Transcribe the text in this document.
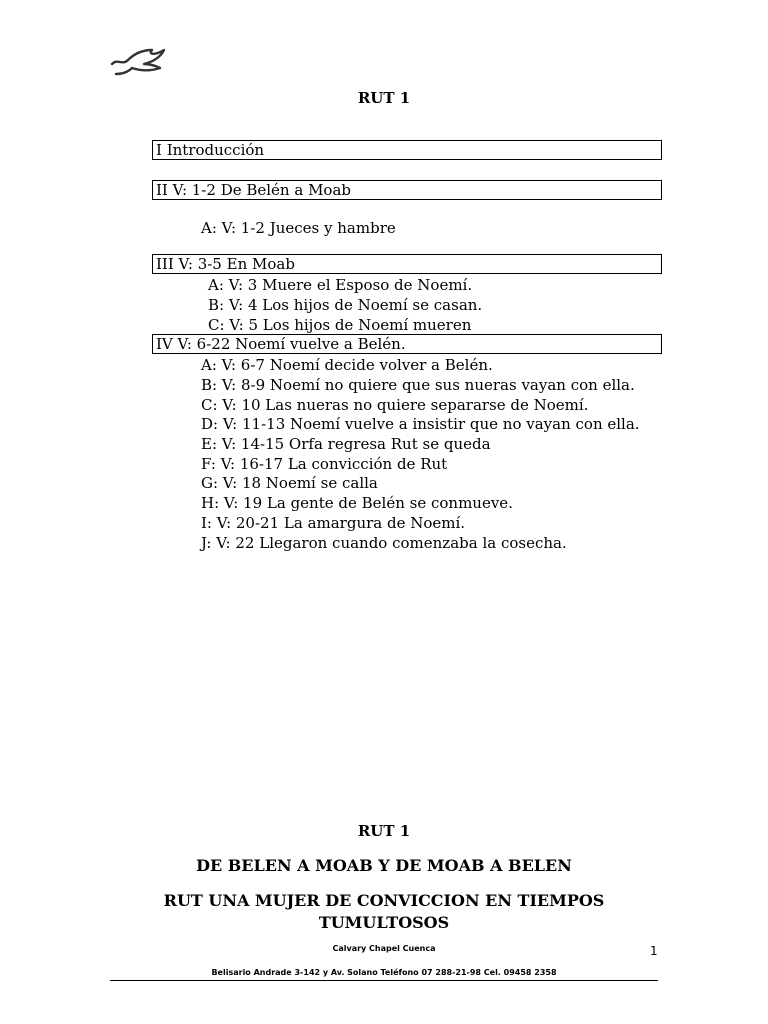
RUT 1
I Introducción
II V: 1-2 De Belén a Moab
A: V: 1-2 Jueces y hambre
III V: 3-5 En Moab
A: V: 3 Muere el Esposo de Noemí.
B: V: 4 Los hijos de Noemí se casan.
C: V: 5 Los hijos de Noemí mueren
IV V: 6-22 Noemí vuelve a Belén.
A: V: 6-7 Noemí decide volver a Belén.
B: V: 8-9 Noemí no quiere que sus nueras vayan con ella.
C: V: 10 Las nueras no quiere separarse de Noemí.
D: V: 11-13 Noemí vuelve a insistir que no vayan con ella.
E: V: 14-15 Orfa regresa Rut se queda
F: V: 16-17 La convicción de Rut
G: V: 18 Noemí se calla
H: V: 19 La gente de Belén se conmueve.
I: V: 20-21 La amargura de Noemí.
J: V: 22 Llegaron cuando comenzaba la cosecha.
RUT 1
DE BELEN A MOAB Y DE MOAB A BELEN
RUT UNA MUJER DE CONVICCION EN TIEMPOS
TUMULTOSOS
Calvary Chapel Cuenca	1
Belisario Andrade 3-142 y Av. Solano Teléfono 07 288-21-98 Cel. 09458 2358
